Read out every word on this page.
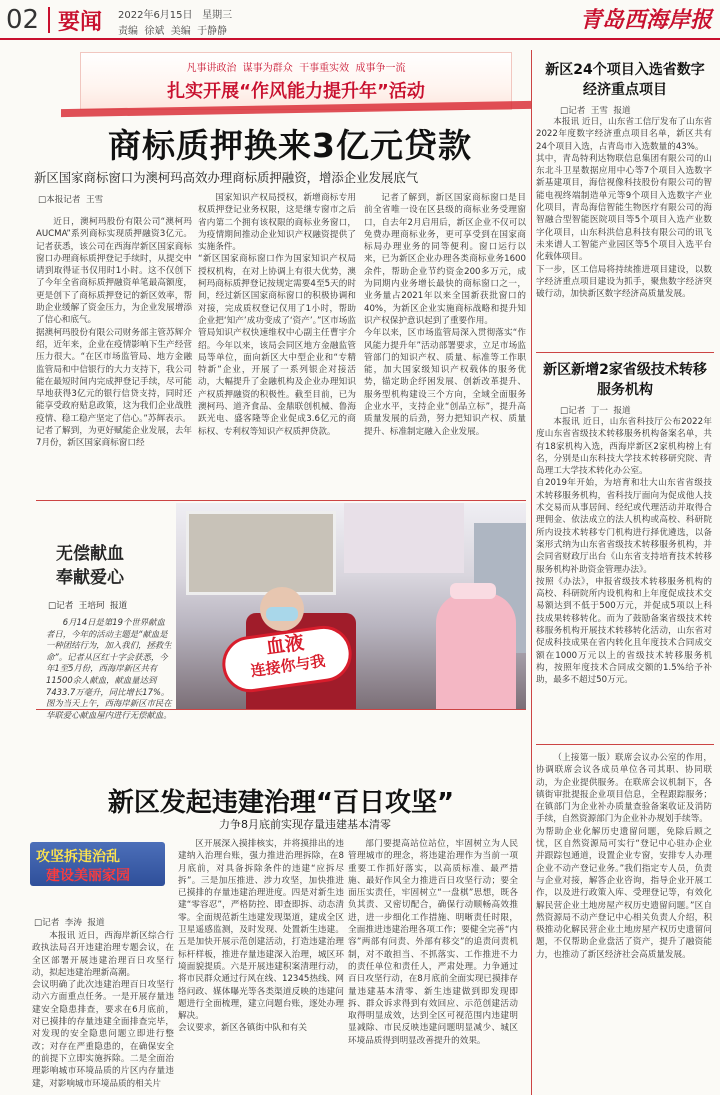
02 要闻 2022年6月15日 星期三
责编  徐斌  美编  于静静	青岛西海岸报
凡事讲政治  谋事为群众  干事重实效  成事争一流
扎实开展“作风能力提升年”活动
商标质押换来3亿元贷款
新区国家商标窗口为澳柯玛高效办理商标质押融资，增添企业发展底气
□本报记者  王雪
近日，澳柯玛股份有限公司“澳柯玛AUCMA”系列商标实现质押融资3亿元。记者获悉，该公司在西海岸新区国家商标窗口办理商标质押登记手续时，从提交申请到取得证书仅用时1小时。这不仅创下了今年全省商标质押融资单笔最高额度，更是创下了商标质押登记的新区效率，帮助企业缓解了资金压力，为企业发展增添了信心和底气。
据澳柯玛股份有限公司财务部主管苏辉介绍，近年来，企业在疫情影响下生产经营压力很大。“在区市场监管局、地方金融监管局和中信银行的大力支持下，我公司能在最短时间内完成押登记手续，尽可能早地获得3亿元的银行信贷支持，同时还能享受政府贴息政策，这为我们企业战胜疫情、稳工稳产坚定了信心。”苏辉表示。
记者了解到，为更好赋能企业发展，去年7月份，新区国家商标窗口经
国家知识产权局授权，新增商标专用权质押登记业务权限，这是继专窗市之后省内第二个拥有该权限的商标业务窗口，为疫情期间推动企业知识产权融资提供了实施条件。
“新区国家商标窗口作为国家知识产权局授权机构，在对上协调上有很大优势，澳柯玛商标质押登记按规定需要4至5天的时间，经过新区国家商标窗口的积极协调和对接，完成质权登记仅用了1小时，帮助企业把‘知产’成功变成了‘资产’。”区市场监管局知识产权快速维权中心副主任曹宇介绍。今年以来，该局会同区地方金融监管局等单位，面向新区大中型企业和“专精特新”企业，开展了一系列银企对接活动，大幅提升了金融机构及企业办理知识产权质押融资的积极性。截至目前，已为澳柯玛、道齐食品、金鼎联创机械、鲁海跃光电、盛客隆等企业促成3.6亿元的商标权、专利权等知识产权质押贷款。
记者了解到，新区国家商标窗口是目前全省唯一设在区县级的商标业务受理窗口，自去年2月启用后，新区企业不仅可以免费办理商标业务，更可享受到在国家商标局办理业务的同等便利。窗口运行以来，已为新区企业办理各类商标业务1600余件，帮助企业节约资金200多万元，成为同期内业务增长最快的商标窗口之一，业务量占2021年以来全国新获批窗口的40%，为新区企业实施商标战略和提升知识产权保护意识起到了重要作用。
今年以来，区市场监管局深入贯彻落实“作风能力提升年”活动部署要求，立足市场监管部门的知识产权、质量、标准等工作职能，加大国家级知识产权载体的服务优势，锚定助企纾困发展、创新改革提升、服务型机构建设三个方向，全域全面服务企业水平，支持企业“创品立标”，提升高质量发展的后劲，努力把知识产权、质量提升、标准制定融入企业发展。
无偿献血
奉献爱心
□记者  王培珂  报道
6月14日是第19个世界献血者日，今年的活动主题是“献血是一种团结行为，加入我们，拯救生命”。记者从区红十字会获悉，今年1至5月份，西海岸新区共有11500余人献血，献血量达到7433.7万毫升，同比增长17%。图为当天上午，西海岸新区市民在华联爱心献血屋内进行无偿献血。
血液
连接你与我
新区发起违建治理“百日攻坚”
力争8月底前实现存量违建基本清零
攻坚拆违治乱
建设美丽家园
□记者  李涛  报道
本报讯 近日，西海岸新区综合行政执法局召开违建治理专题会议，在全区部署开展违建治理百日攻坚行动，拟起违建治理新高潮。
会议明确了此次违建治理百日攻坚行动六方面重点任务。一是开展存量违建安全隐患排查，要求在6月底前，对已摸排的存量违建全面排查完毕，对发现的安全隐患问题立即进行整改；对存在严重隐患的，在确保安全的前提下立即实施拆除。二是全面治理影响城市环境品质的片区内存量违建，对影响城市环境品质的相关片
区开展深入摸排核实，并将摸排出的违建纳入治理台账，强力推进治理拆除，在8月底前，对具备拆除条件的违建“应拆尽拆”。三是加压推进、涉力攻坚，加快推进已摸排的存量违建治理进度。四是对新生违建“零容忍”，严格防控、即查即拆、动态清零。全面规范新生违建发现渠道，建成全区卫星遥感监测，及时发现、处置新生违建。五是加快开展示范创建活动，打造违建治理标杆样板，推进存量违建深入治理，城区环境面貌提质。六是开展违建积案清理行动，将市民群众通过行风在线、12345热线、网络问政、媒体曝光等各类渠道反映的违建问题进行全面梳理，建立问题台账，逐处办理解决。
会议要求，新区各镇街中队和有关
部门要提高站位站位，牢固树立为人民管理城市的理念，将违建治理作为当前一项重要工作抓好落实，以高质标准、最严措施、最好作风全力推进百日攻坚行动；要全面压实责任，牢固树立“一盘棋”思想，既各负其责、又密切配合，确保行动顺畅高效推进，进一步细化工作措施、明晰责任时限，全面推进违建治理各项工作；要健全完善“内容”两部有问责、外部有移交”的追责问责机制，对不敢担当、不抓落实、工作推进不力的责任单位和责任人，严肃处理。力争通过百日攻坚行动，在8月底前全面实现已摸排存量违建基本清零、新生违建做到即发现即拆、群众诉求得到有效回应、示范创建活动取得明显成效，达到全区可视范围内违建明显减除、市民反映违建问题明显减少、城区环境品质得到明显改善提升的效果。
新区24个项目入选省数字经济重点项目
□记者  王雪  报道
本报讯 近日，山东省工信厅发布了山东省2022年度数字经济重点项目名单，新区共有24个项目入选，占青岛市入选数量的43%。
其中，青岛特利达物联信息集团有限公司的山东北斗卫星数据应用中心等7个项目入选数字新基建项目，海信视像科技股份有限公司的智能电视终端制造单元等9个项目入选数字产业化项目，青岛海信智能生物医疗有限公司的海智融合型智能医院项目等5个项目入选产业数字化项目，山东科洪信息科技有限公司的讯飞未来谱人工智能产业园区等5个项目入选平台化载体项目。
下一步，区工信局将持续推进项目建设，以数字经济重点项目建设为抓手，聚焦数字经济突破行动，加快新区数字经济高质量发展。
新区新增2家省级技术转移服务机构
□记者  丁一  报道
本报讯 近日，山东省科技厅公布2022年度山东省省级技术转移服务机构备案名单，共有18家机构入选，西海岸新区2家机构榜上有名，分别是山东科技大学技术转移研究院、青岛理工大学技术转化办公室。
自2019年开始，为培育和壮大山东省省级技术转移服务机构，省科技厅面向为促成他人技术交易而从事居间、经纪或代理活动并取得合理佣金、依法成立的法人机构或高校、科研院所内设技术转移专门机构进行择优遴选，以备案形式纳为山东省省级技术转移服务机构，并会同省财政厅出台《山东省支持培育技术转移服务机构补助资金管理办法》。
按照《办法》，申报省级技术转移服务机构的高校、科研院所内设机构和上年度促成技术交易额达到不低于500万元，并促成5项以上科技成果转移转化。而为了鼓励备案省级技术转移服务机构开展技术转移转化活动，山东省对促成科技成果在省内转化且年度技术合同成交额在1000万元以上的省级技术转移服务机构，按照年度技术合同成交额的1.5%给予补助，最多不超过50万元。
（上接第一版）联席会议办公室的作用，协调联席会议各成员单位各司其职、协同联动，为企业提供服务。在联席会议机制下，各镇街审批提报企业项目信息，全程跟踪服务；在镇部门为企业补办质量查验备案收证及消防手续，自然资源部门为企业补办规划手续等。
为帮助企业化解历史遗留问题，免除后顾之忧，区自然资源局可实行“登记中心驻办企业并跟踪包通道，设置企业专窗，安排专人办理企业不动产登记业务。”我们指定专人员，负责与企业对接，解答企业咨询，指导企业开展工作，以及进行政策入库、受理登记等，有效化解民营企业土地房屋产权历史遗留问题。”区自然资源局不动产登记中心相关负责人介绍，积极推动化解民营企业土地房屋产权历史遗留问题，不仅帮助企业盘活了资产，提升了融资能力，也推动了新区经济社会高质量发展。
